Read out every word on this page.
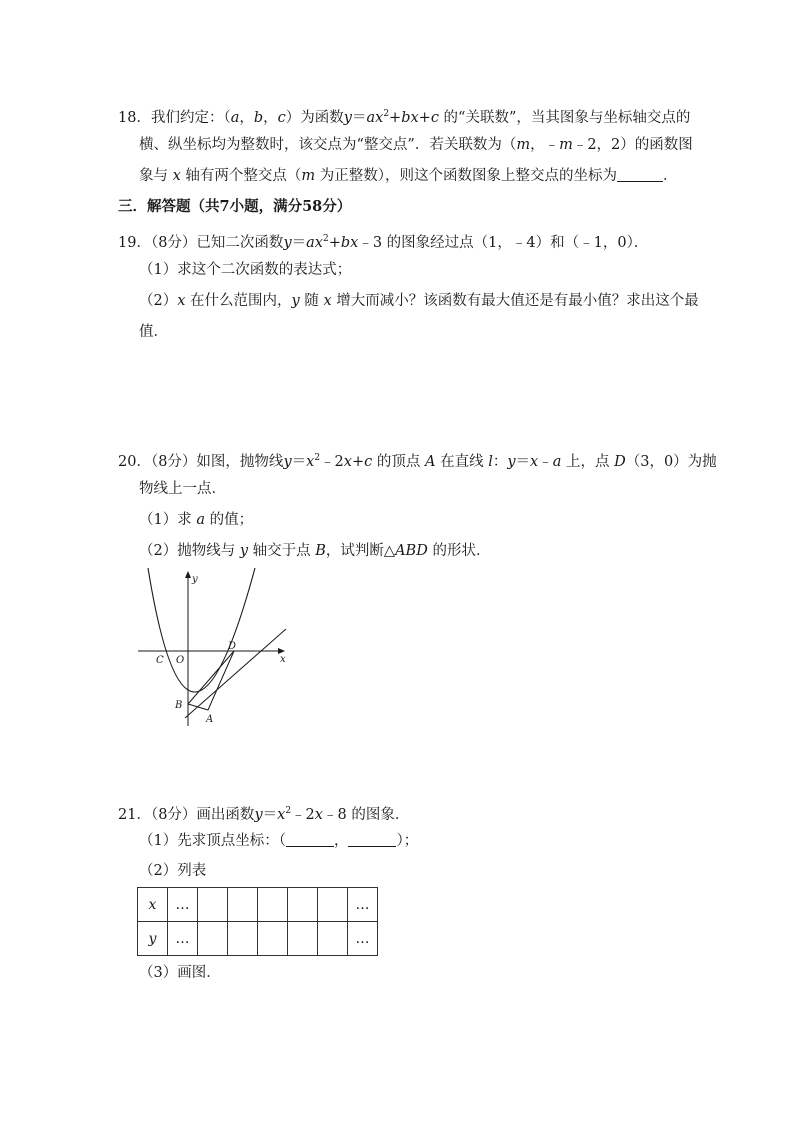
18．我们约定：（a，b，c）为函数$y=ax^2+bx+c$ 的“关联数”，当其图象与坐标轴交点的
横、纵坐标均为整数时，该交点为“整交点”．若关联数为（m，﹣m﹣2，2）的函数图
象与 x 轴有两个整交点（m 为正整数），则这个函数图象上整交点的坐标为	．
三．解答题（共7小题，满分58分）
19．（8分）已知二次函数$y=ax^2+bx﹣3$ 的图象经过点（1，﹣4）和（﹣1，0）．
（1）求这个二次函数的表达式；
（2）x 在什么范围内，y 随 x 增大而减小？该函数有最大值还是有最小值？求出这个最
值．
20．（8分）如图，抛物线$y=x^2﹣2x+c$ 的顶点 A 在直线 l：y＝x﹣a 上，点 D（3，0）为抛
物线上一点．
（1）求 a 的值；
（2）抛物线与 y 轴交于点 B，试判断△ABD 的形状．
y
x
C O
D
B
A
21．（8分）画出函数$y=x^2﹣2x﹣8$ 的图象．
（1）先求顶点坐标：（	，	）；
（2）列表
x	…						…
y	…						…
（3）画图．
